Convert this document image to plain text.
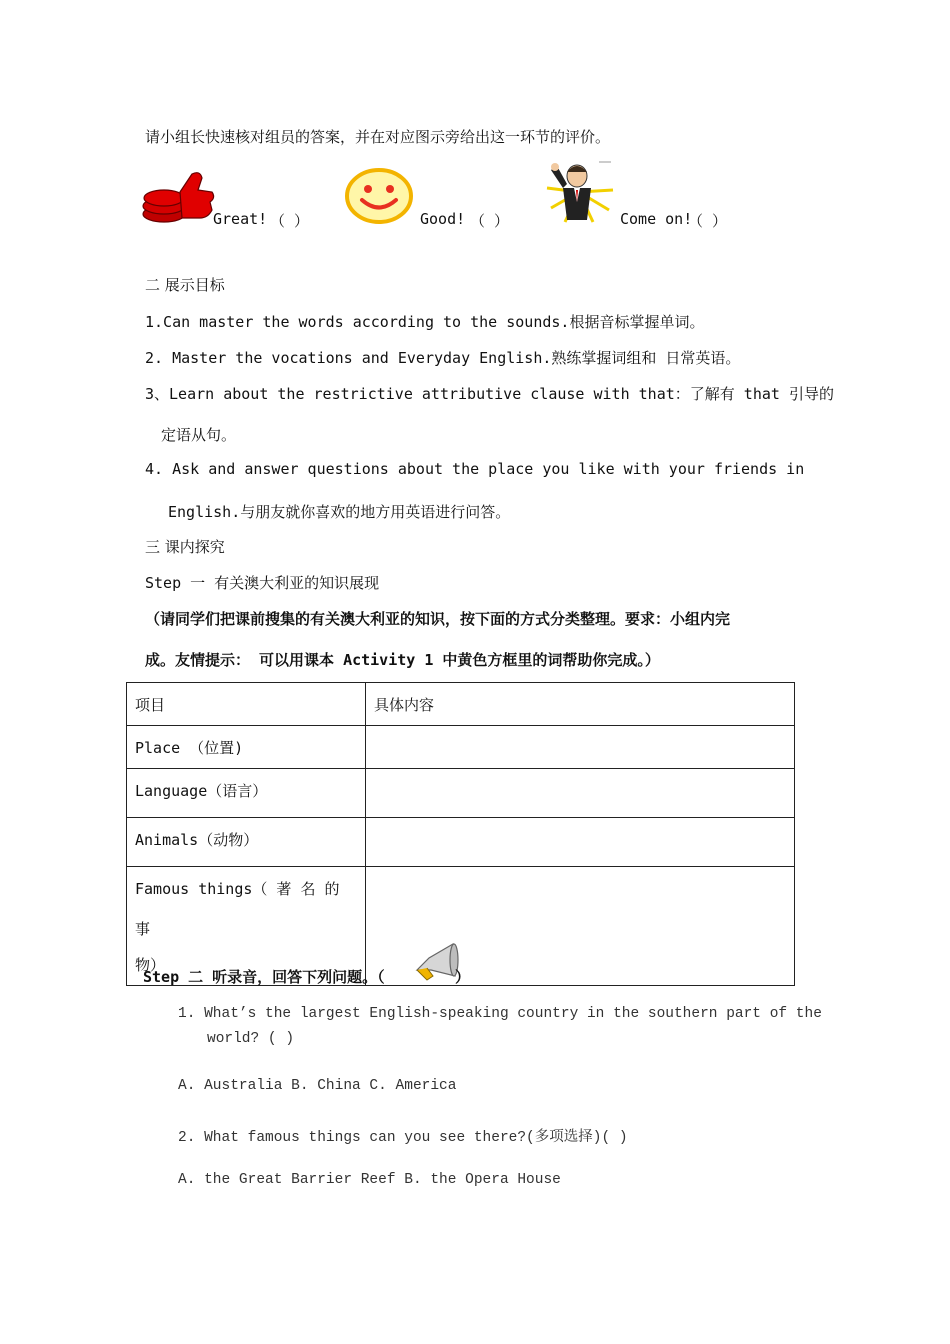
请小组长快速核对组员的答案，并在对应图示旁给出这一环节的评价。
Great! （ ）	Good! （ ）	Come on!
（ ）
二 展示目标
1.Can master the words according to the sounds.根据音标掌握单词。
2. Master the vocations and Everyday English.熟练掌握词组和 日常英语。
3、Learn about the restrictive attributive clause with that：了解有 that 引导的
定语从句。
4. Ask and answer questions about the place you like with your friends in
English.与朋友就你喜欢的地方用英语进行问答。
三 课内探究
Step 一 有关澳大利亚的知识展现
（请同学们把课前搜集的有关澳大利亚的知识，按下面的方式分类整理。要求：小组内完
成。友情提示： 可以用课本 Activity 1 中黄色方框里的词帮助你完成。）
项目	具体内容
Place （位置)	
Language（语言）	
Animals（动物）	

Famous things（ 著 名 的 事
物）	

Step 二 听录音，回答下列问题。（	）
1. What’s the largest English-speaking country in the southern part of the
world? ( )
A. Australia B. China C. America
2. What famous things can you see there?(多项选择)( )
A. the Great Barrier Reef B. the Opera House
